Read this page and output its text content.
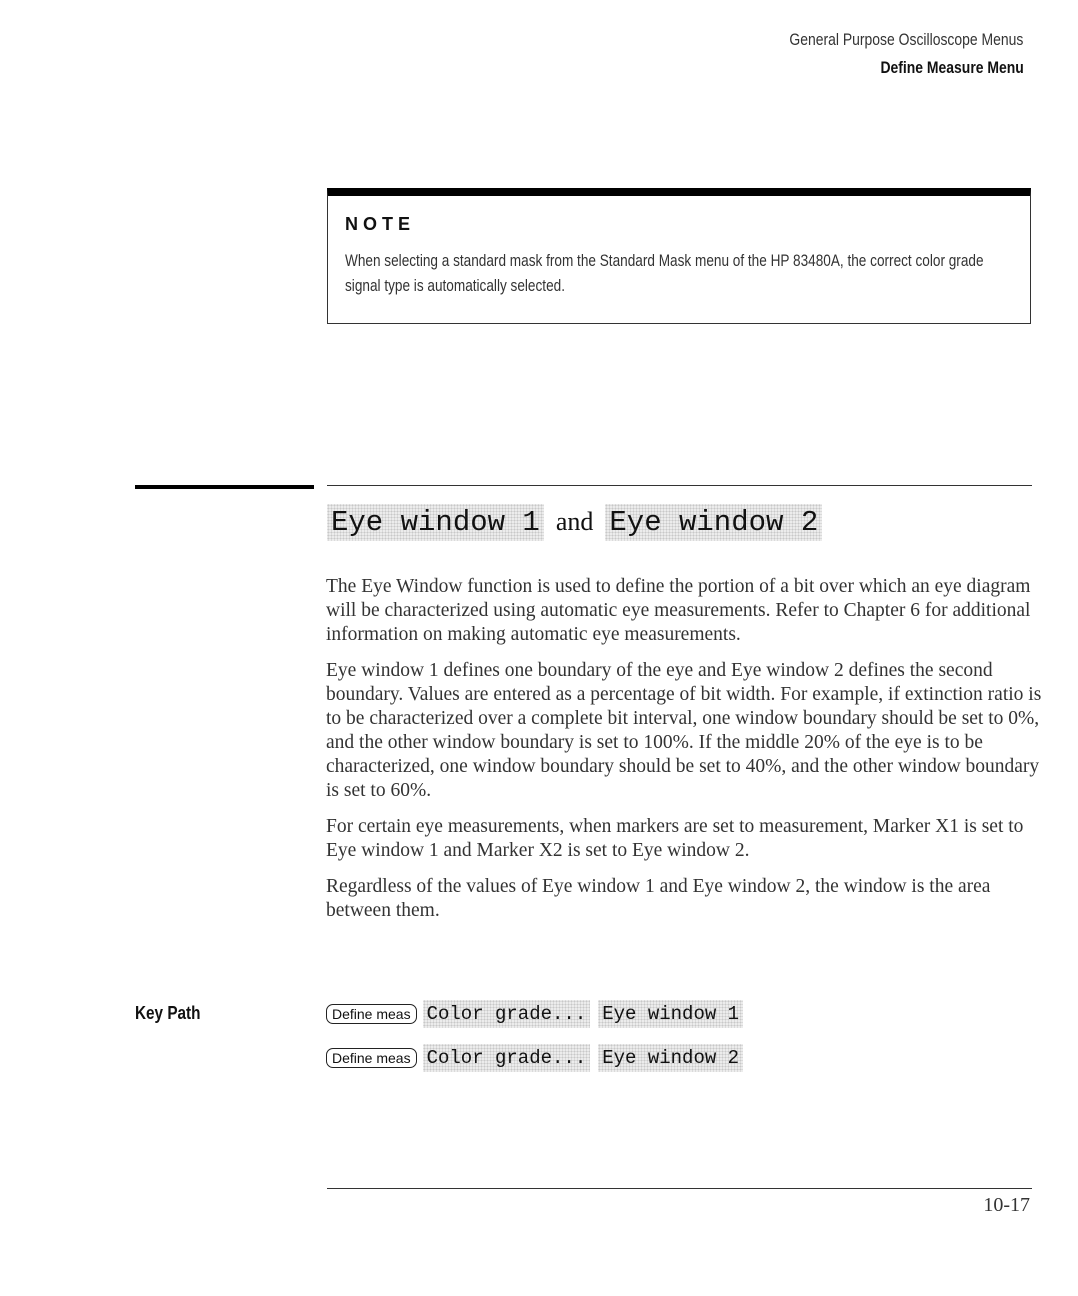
General Purpose Oscilloscope Menus
Define Measure Menu
NOTE
When selecting a standard mask from the Standard Mask menu of the HP 83480A, the correct color grade signal type is automatically selected.
Eye window 1 and Eye window 2

The Eye Window function is used to define the portion of a bit over which an eye diagram will be characterized using automatic eye measurements. Refer to Chapter 6 for additional information on making automatic eye measurements.

Eye window 1 defines one boundary of the eye and Eye window 2 defines the second boundary. Values are entered as a percentage of bit width. For example, if extinction ratio is to be characterized over a complete bit interval, one window boundary should be set to 0%, and the other window boundary is set to 100%. If the middle 20% of the eye is to be characterized, one window boundary should be set to 40%, and the other window boundary is set to 60%.

For certain eye measurements, when markers are set to measurement, Marker X1 is set to Eye window 1 and Marker X2 is set to Eye window 2.

Regardless of the values of Eye window 1 and Eye window 2, the window is the area between them.

Key Path	Define meas Color grade... Eye window 1
Define meas Color grade... Eye window 2
10-17
